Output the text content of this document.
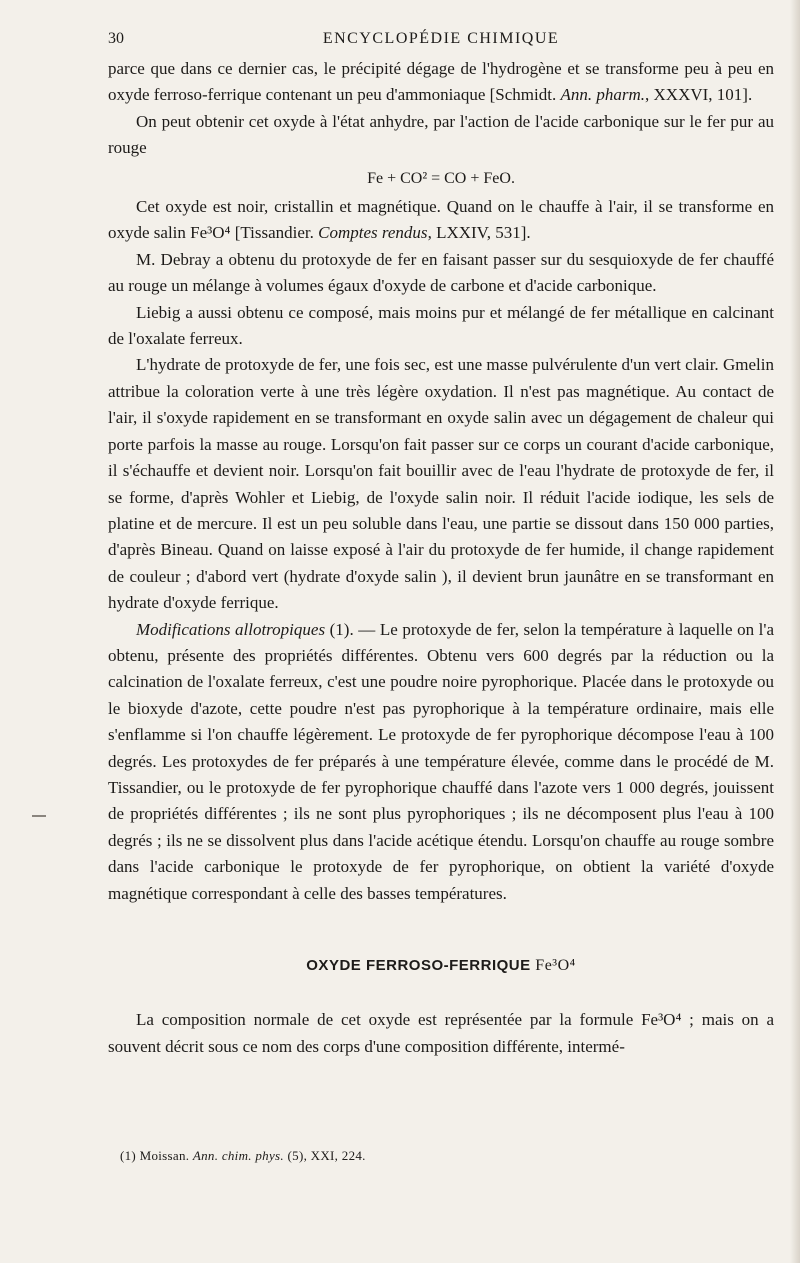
30	ENCYCLOPÉDIE CHIMIQUE

parce que dans ce dernier cas, le précipité dégage de l'hydrogène et se transforme peu à peu en oxyde ferroso-ferrique contenant un peu d'ammoniaque [Schmidt. Ann. pharm., XXXVI, 101].

On peut obtenir cet oxyde à l'état anhydre, par l'action de l'acide carbonique sur le fer pur au rouge

Fe + CO² = CO + FeO.

Cet oxyde est noir, cristallin et magnétique. Quand on le chauffe à l'air, il se transforme en oxyde salin Fe³O⁴ [Tissandier. Comptes rendus, LXXIV, 531].

M. Debray a obtenu du protoxyde de fer en faisant passer sur du sesquioxyde de fer chauffé au rouge un mélange à volumes égaux d'oxyde de carbone et d'acide carbonique.

Liebig a aussi obtenu ce composé, mais moins pur et mélangé de fer métallique en calcinant de l'oxalate ferreux.

L'hydrate de protoxyde de fer, une fois sec, est une masse pulvérulente d'un vert clair. Gmelin attribue la coloration verte à une très légère oxydation. Il n'est pas magnétique. Au contact de l'air, il s'oxyde rapidement en se transformant en oxyde salin avec un dégagement de chaleur qui porte parfois la masse au rouge. Lorsqu'on fait passer sur ce corps un courant d'acide carbonique, il s'échauffe et devient noir. Lorsqu'on fait bouillir avec de l'eau l'hydrate de protoxyde de fer, il se forme, d'après Wohler et Liebig, de l'oxyde salin noir. Il réduit l'acide iodique, les sels de platine et de mercure. Il est un peu soluble dans l'eau, une partie se dissout dans 150 000 parties, d'après Bineau. Quand on laisse exposé à l'air du protoxyde de fer humide, il change rapidement de couleur ; d'abord vert (hydrate d'oxyde salin ), il devient brun jaunâtre en se transformant en hydrate d'oxyde ferrique.

Modifications allotropiques (1). — Le protoxyde de fer, selon la température à laquelle on l'a obtenu, présente des propriétés différentes. Obtenu vers 600 degrés par la réduction ou la calcination de l'oxalate ferreux, c'est une poudre noire pyrophorique. Placée dans le protoxyde ou le bioxyde d'azote, cette poudre n'est pas pyrophorique à la température ordinaire, mais elle s'enflamme si l'on chauffe légèrement. Le protoxyde de fer pyrophorique décompose l'eau à 100 degrés. Les protoxydes de fer préparés à une température élevée, comme dans le procédé de M. Tissandier, ou le protoxyde de fer pyrophorique chauffé dans l'azote vers 1 000 degrés, jouissent de propriétés différentes ; ils ne sont plus pyrophoriques ; ils ne décomposent plus l'eau à 100 degrés ; ils ne se dissolvent plus dans l'acide acétique étendu. Lorsqu'on chauffe au rouge sombre dans l'acide carbonique le protoxyde de fer pyrophorique, on obtient la variété d'oxyde magnétique correspondant à celle des basses températures.

OXYDE FERROSO-FERRIQUE Fe³O⁴

La composition normale de cet oxyde est représentée par la formule Fe³O⁴ ; mais on a souvent décrit sous ce nom des corps d'une composition différente, intermé-

(1) Moissan. Ann. chim. phys. (5), XXI, 224.
